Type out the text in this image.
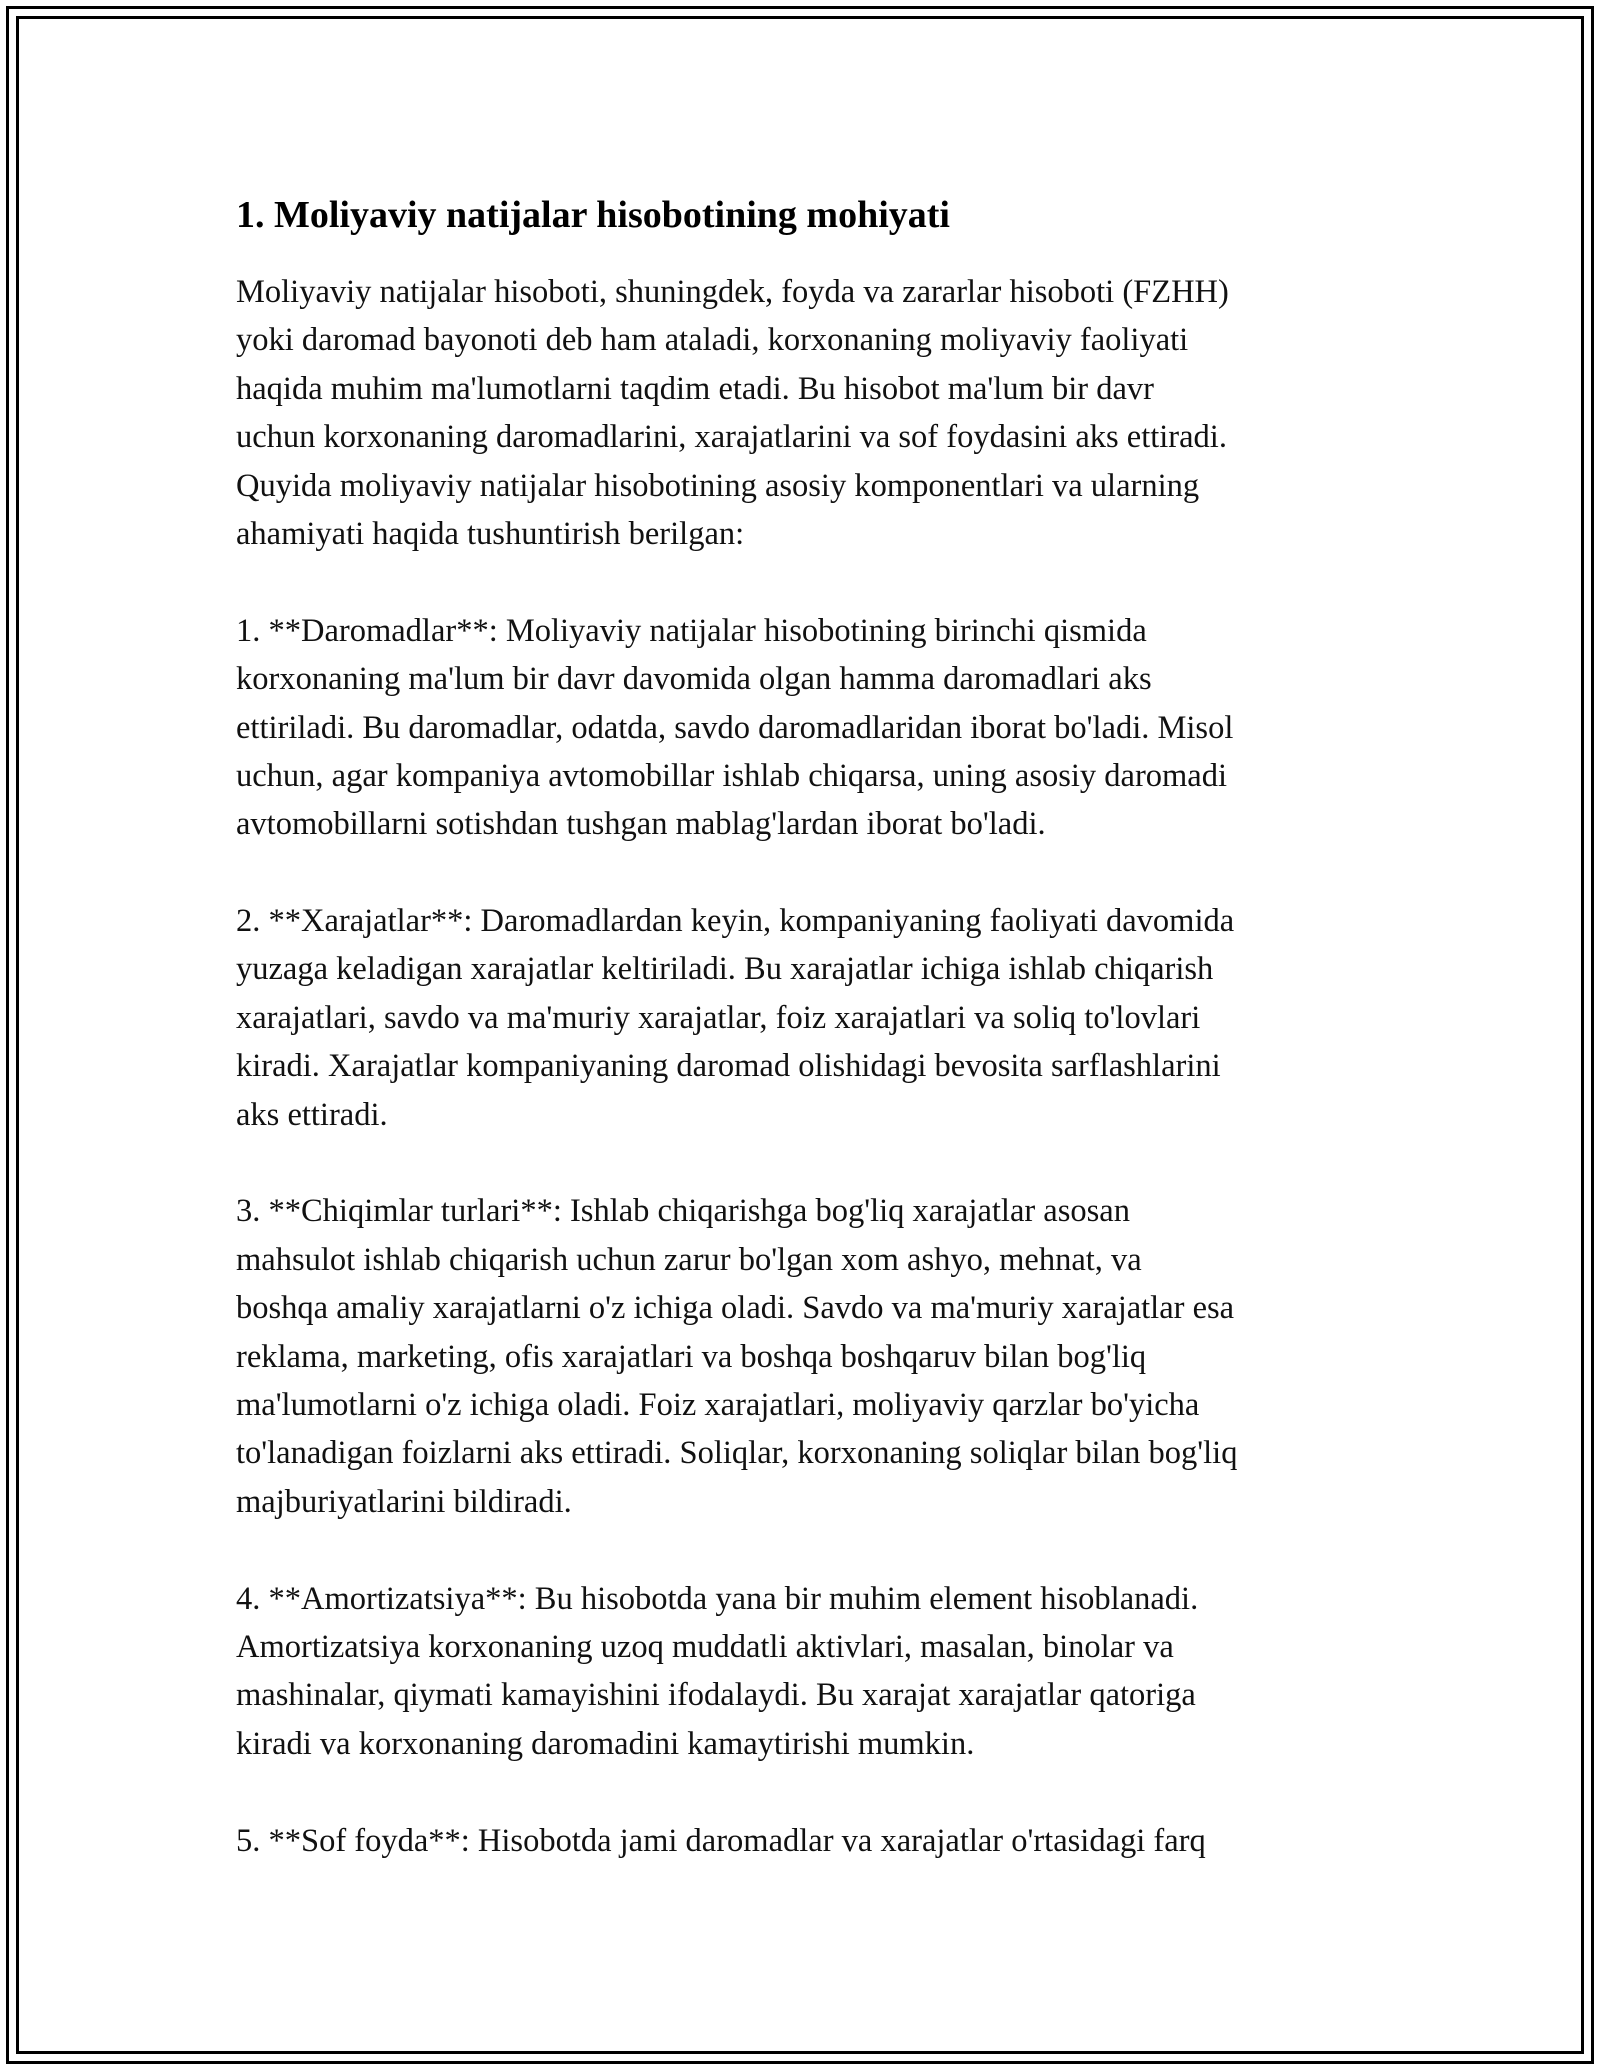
1. Moliyaviy natijalar hisobotining mohiyati
Moliyaviy natijalar hisoboti, shuningdek, foyda va zararlar hisoboti (FZHH)
yoki daromad bayonoti deb ham ataladi, korxonaning moliyaviy faoliyati
haqida muhim ma'lumotlarni taqdim etadi. Bu hisobot ma'lum bir davr
uchun korxonaning daromadlarini, xarajatlarini va sof foydasini aks ettiradi.
Quyida moliyaviy natijalar hisobotining asosiy komponentlari va ularning
ahamiyati haqida tushuntirish berilgan:
1. **Daromadlar**: Moliyaviy natijalar hisobotining birinchi qismida
korxonaning ma'lum bir davr davomida olgan hamma daromadlari aks
ettiriladi. Bu daromadlar, odatda, savdo daromadlaridan iborat bo'ladi. Misol
uchun, agar kompaniya avtomobillar ishlab chiqarsa, uning asosiy daromadi
avtomobillarni sotishdan tushgan mablag'lardan iborat bo'ladi.
2. **Xarajatlar**: Daromadlardan keyin, kompaniyaning faoliyati davomida
yuzaga keladigan xarajatlar keltiriladi. Bu xarajatlar ichiga ishlab chiqarish
xarajatlari, savdo va ma'muriy xarajatlar, foiz xarajatlari va soliq to'lovlari
kiradi. Xarajatlar kompaniyaning daromad olishidagi bevosita sarflashlarini
aks ettiradi.
3. **Chiqimlar turlari**: Ishlab chiqarishga bog'liq xarajatlar asosan
mahsulot ishlab chiqarish uchun zarur bo'lgan xom ashyo, mehnat, va
boshqa amaliy xarajatlarni o'z ichiga oladi. Savdo va ma'muriy xarajatlar esa
reklama, marketing, ofis xarajatlari va boshqa boshqaruv bilan bog'liq
ma'lumotlarni o'z ichiga oladi. Foiz xarajatlari, moliyaviy qarzlar bo'yicha
to'lanadigan foizlarni aks ettiradi. Soliqlar, korxonaning soliqlar bilan bog'liq
majburiyatlarini bildiradi.
4. **Amortizatsiya**: Bu hisobotda yana bir muhim element hisoblanadi.
Amortizatsiya korxonaning uzoq muddatli aktivlari, masalan, binolar va
mashinalar, qiymati kamayishini ifodalaydi. Bu xarajat xarajatlar qatoriga
kiradi va korxonaning daromadini kamaytirishi mumkin.
5. **Sof foyda**: Hisobotda jami daromadlar va xarajatlar o'rtasidagi farq
